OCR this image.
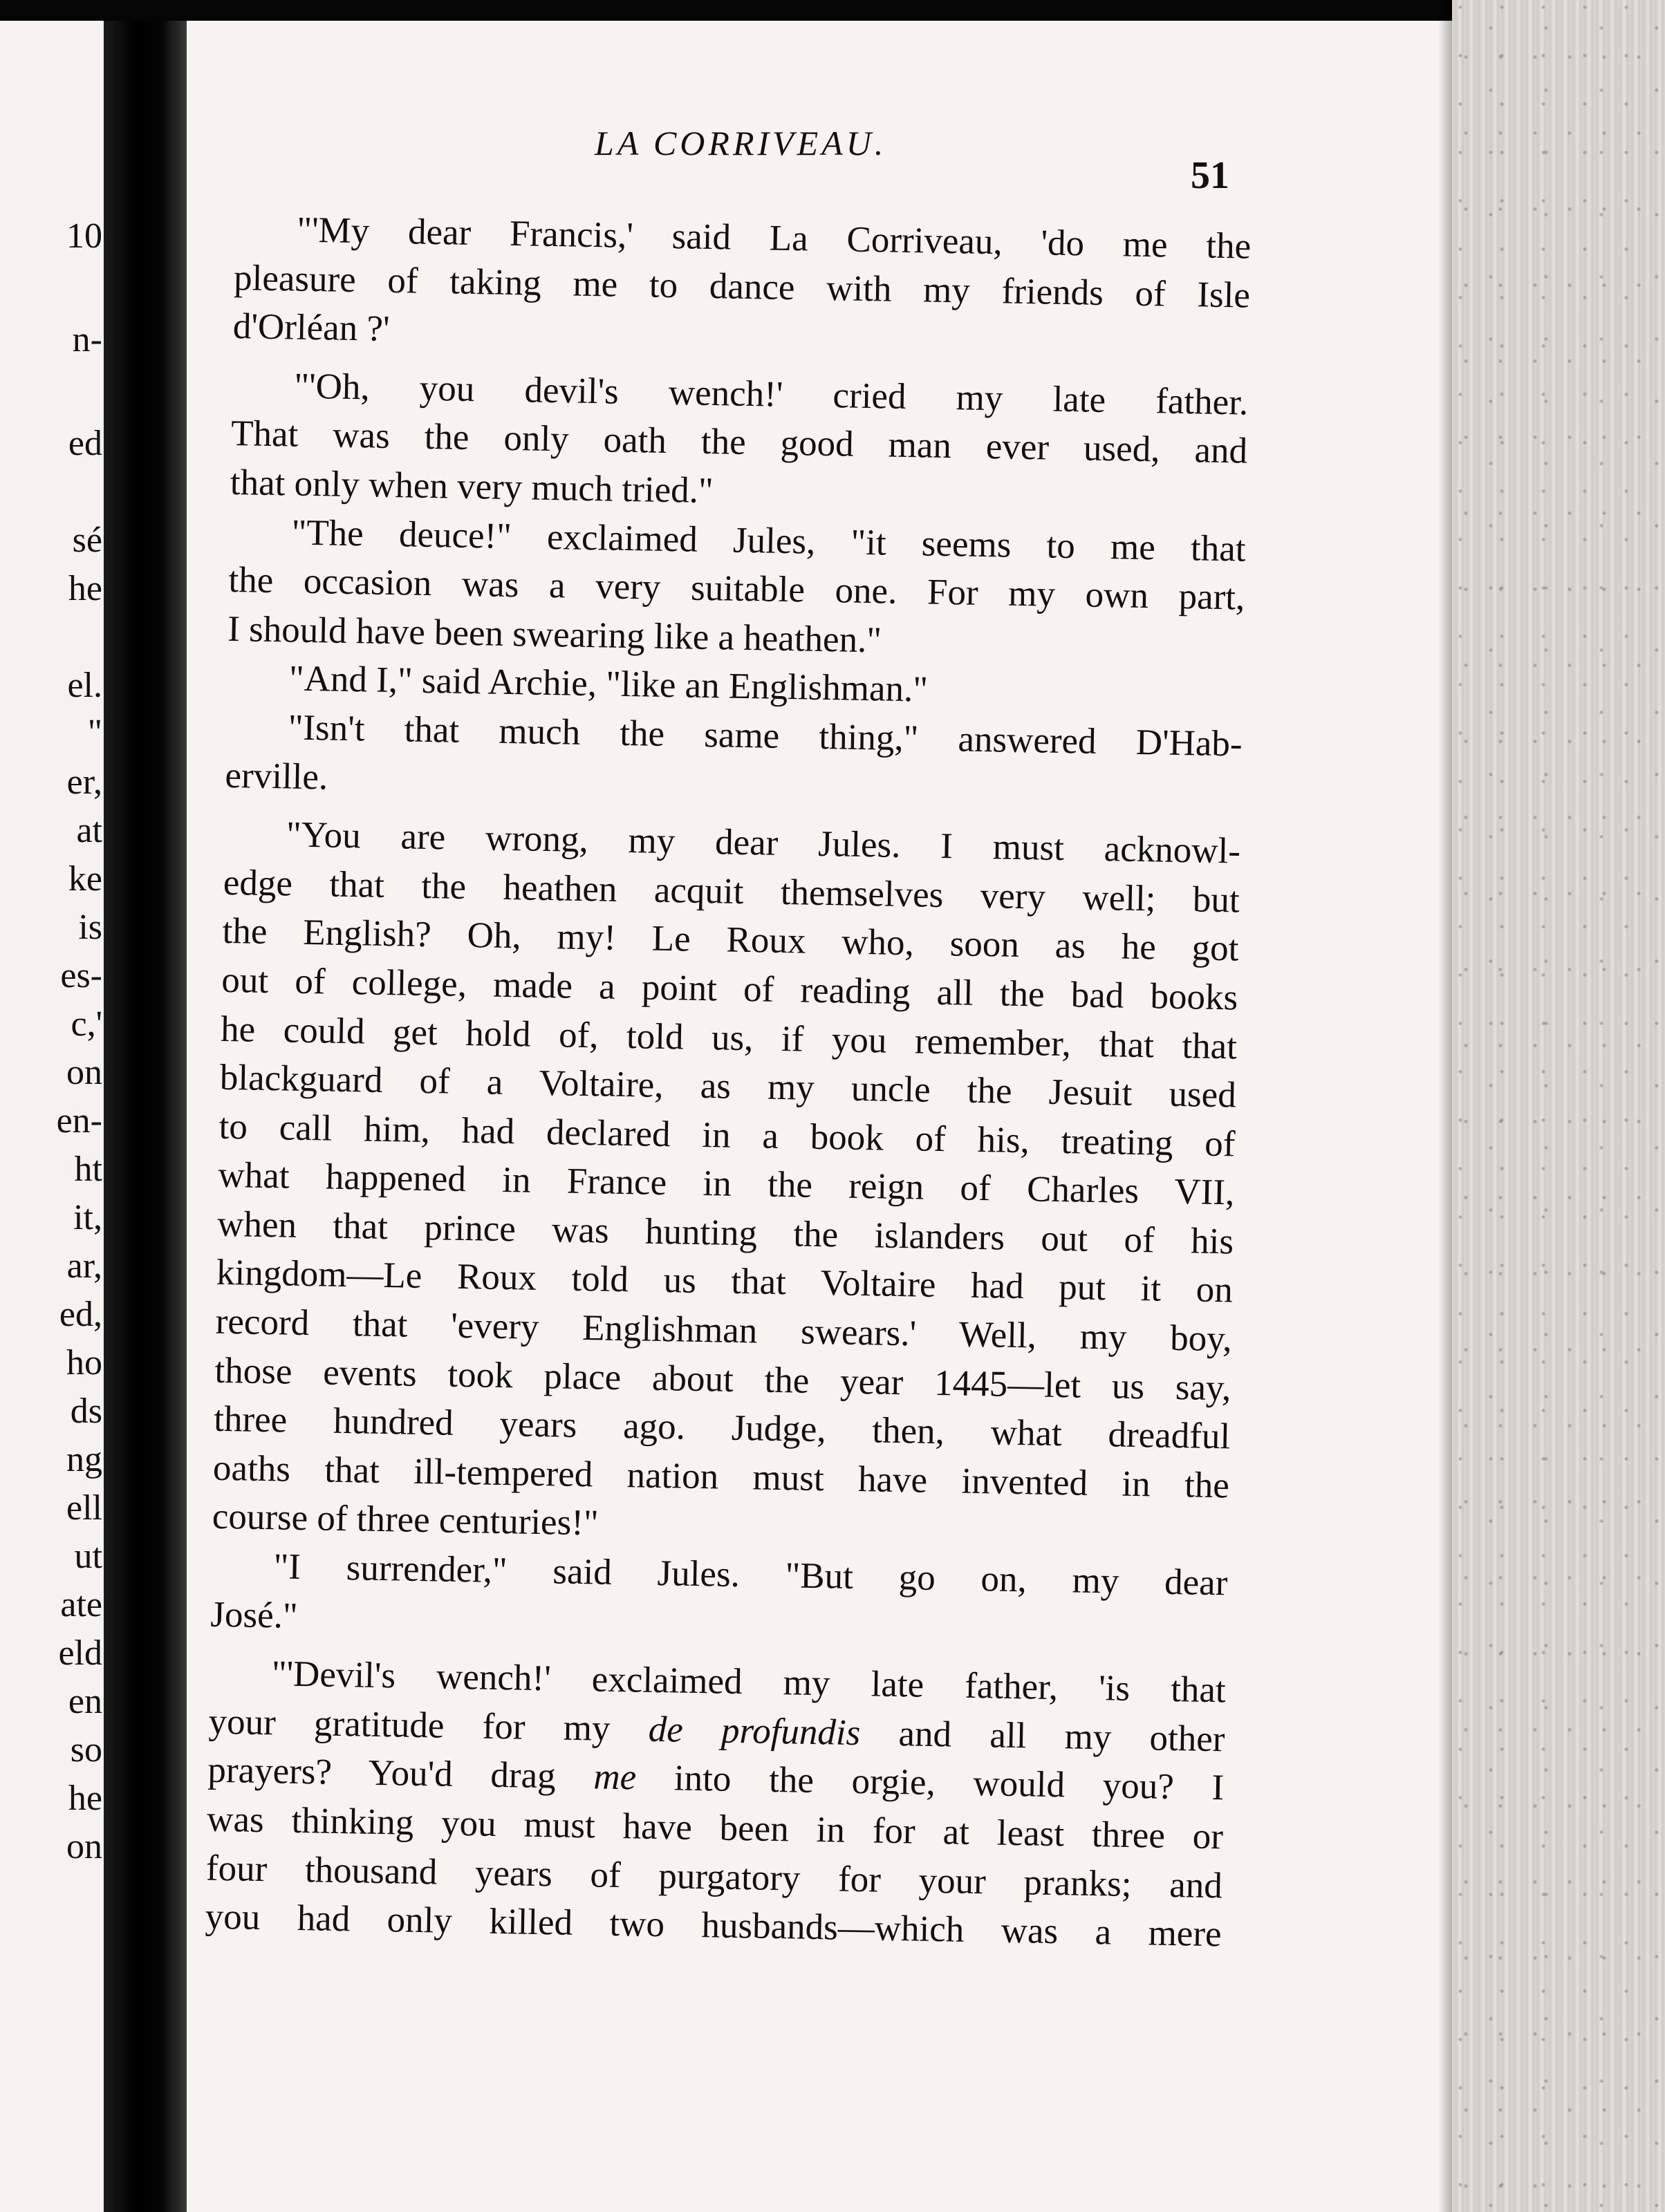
10
n-
ed
sé
he
el.
"
er,
at
ke
is
es-
c,'
on
en-
ht
it,
ar,
ed,
ho
ds
ng
ell
ut
ate
eld
en
so
he
on
LA CORRIVEAU.
51
"'My dear Francis,' said La Corriveau, 'do me the
pleasure of taking me to dance with my friends of Isle
d'Orléan ?'
"'Oh, you devil's wench!' cried my late father.
That was the only oath the good man ever used, and
that only when very much tried."
"The deuce!" exclaimed Jules, "it seems to me that
the occasion was a very suitable one. For my own part,
I should have been swearing like a heathen."
"And I," said Archie, "like an Englishman."
"Isn't that much the same thing," answered D'Hab-
erville.
"You are wrong, my dear Jules. I must acknowl-
edge that the heathen acquit themselves very well; but
the English? Oh, my! Le Roux who, soon as he got
out of college, made a point of reading all the bad books
he could get hold of, told us, if you remember, that that
blackguard of a Voltaire, as my uncle the Jesuit used
to call him, had declared in a book of his, treating of
what happened in France in the reign of Charles VII,
when that prince was hunting the islanders out of his
kingdom—Le Roux told us that Voltaire had put it on
record that 'every Englishman swears.' Well, my boy,
those events took place about the year 1445—let us say,
three hundred years ago. Judge, then, what dreadful
oaths that ill-tempered nation must have invented in the
course of three centuries!"
"I surrender," said Jules. "But go on, my dear
José."
"'Devil's wench!' exclaimed my late father, 'is that
your gratitude for my de profundis and all my other
prayers? You'd drag me into the orgie, would you? I
was thinking you must have been in for at least three or
four thousand years of purgatory for your pranks; and
you had only killed two husbands—which was a mere
